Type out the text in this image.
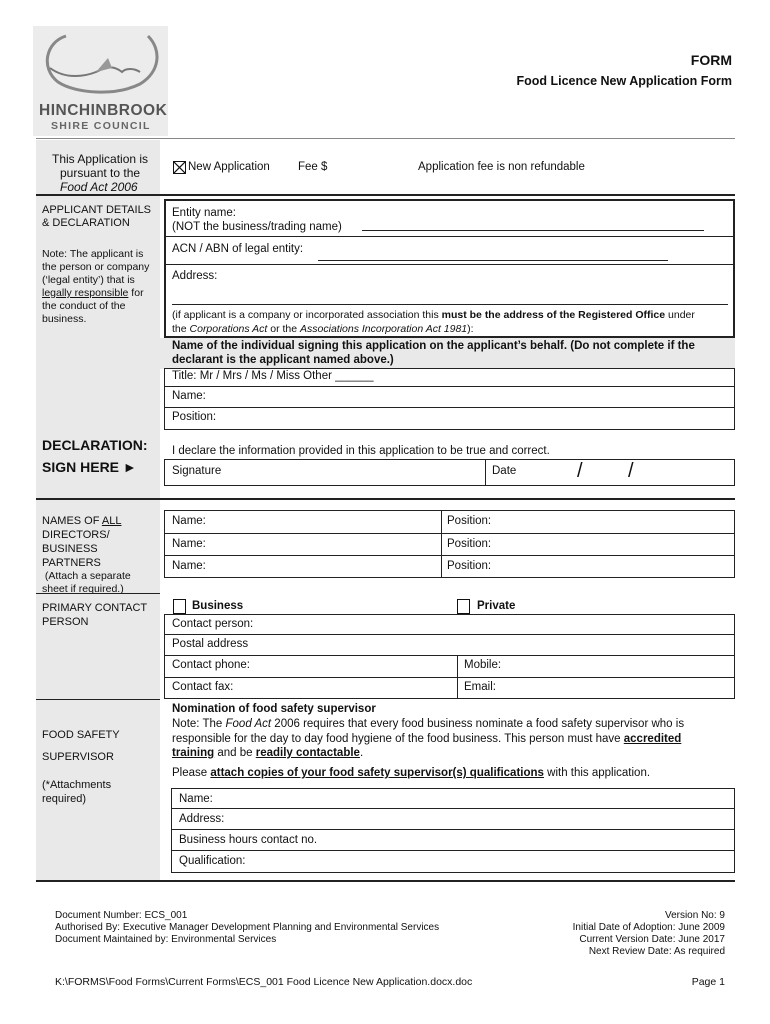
HINCHINBROOK
SHIRE COUNCIL
FORM
Food Licence New Application Form
This Application is
pursuant to the
Food Act 2006
New Application Fee $	Application fee is non refundable
APPLICANT DETAILS
& DECLARATION
Note: The applicant is
the person or company
(‘legal entity’) that is
legally responsible for
the conduct of the
business.
Entity name:
(NOT the business/trading name)
ACN / ABN of legal entity:
Address:
(if applicant is a company or incorporated association this must be the address of the Registered Office under
the Corporations Act or the Associations Incorporation Act 1981):
Name of the individual signing this application on the applicant’s behalf. (Do not complete if the
declarant is the applicant named above.)
Title: Mr / Mrs / Ms / Miss Other ______
Name:
Position:
DECLARATION:
SIGN HERE ►
I declare the information provided in this application to be true and correct.
Signature	Date	/ /
NAMES OF ALL
DIRECTORS/
BUSINESS
PARTNERS
(Attach a separate
sheet if required.)
Name:	Position:
Name:	Position:
Name:	Position:
PRIMARY CONTACT
PERSON
Business	Private
Contact person:
Postal address
Contact phone:	Mobile:
Contact fax:	Email:
FOOD SAFETY
SUPERVISOR
(*Attachments
required)
Nomination of food safety supervisor
Note: The Food Act 2006 requires that every food business nominate a food safety supervisor who is
responsible for the day to day food hygiene of the food business. This person must have accredited
training and be readily contactable.
Please attach copies of your food safety supervisor(s) qualifications with this application.
Name:
Address:
Business hours contact no.
Qualification:
Document Number: ECS_001
Authorised By: Executive Manager Development Planning and Environmental Services
Document Maintained by: Environmental Services
Version No: 9
Initial Date of Adoption: June 2009
Current Version Date: June 2017
Next Review Date: As required
K:\FORMS\Food Forms\Current Forms\ECS_001 Food Licence New Application.docx.doc	Page 1
